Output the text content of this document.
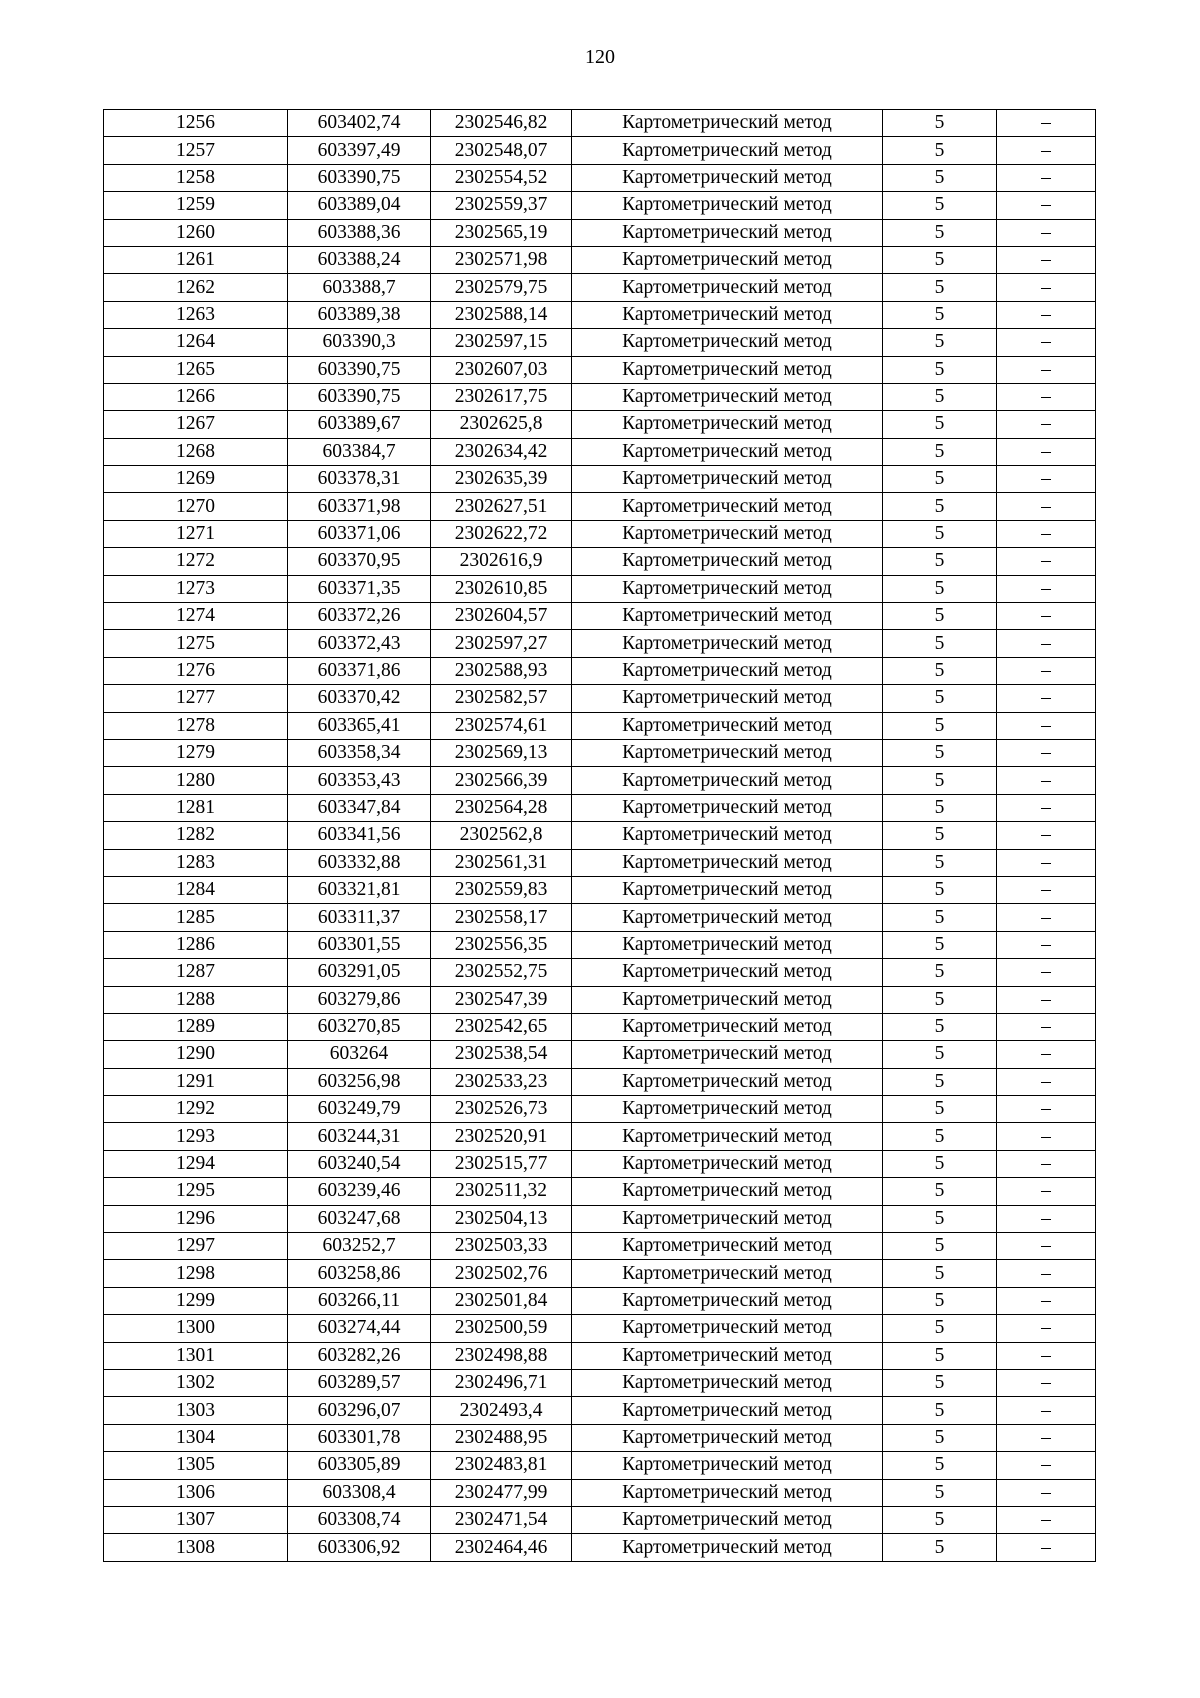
120
1256	603402,74	2302546,82	Картометрический метод	5	–
1257	603397,49	2302548,07	Картометрический метод	5	–
1258	603390,75	2302554,52	Картометрический метод	5	–
1259	603389,04	2302559,37	Картометрический метод	5	–
1260	603388,36	2302565,19	Картометрический метод	5	–
1261	603388,24	2302571,98	Картометрический метод	5	–
1262	603388,7	2302579,75	Картометрический метод	5	–
1263	603389,38	2302588,14	Картометрический метод	5	–
1264	603390,3	2302597,15	Картометрический метод	5	–
1265	603390,75	2302607,03	Картометрический метод	5	–
1266	603390,75	2302617,75	Картометрический метод	5	–
1267	603389,67	2302625,8	Картометрический метод	5	–
1268	603384,7	2302634,42	Картометрический метод	5	–
1269	603378,31	2302635,39	Картометрический метод	5	–
1270	603371,98	2302627,51	Картометрический метод	5	–
1271	603371,06	2302622,72	Картометрический метод	5	–
1272	603370,95	2302616,9	Картометрический метод	5	–
1273	603371,35	2302610,85	Картометрический метод	5	–
1274	603372,26	2302604,57	Картометрический метод	5	–
1275	603372,43	2302597,27	Картометрический метод	5	–
1276	603371,86	2302588,93	Картометрический метод	5	–
1277	603370,42	2302582,57	Картометрический метод	5	–
1278	603365,41	2302574,61	Картометрический метод	5	–
1279	603358,34	2302569,13	Картометрический метод	5	–
1280	603353,43	2302566,39	Картометрический метод	5	–
1281	603347,84	2302564,28	Картометрический метод	5	–
1282	603341,56	2302562,8	Картометрический метод	5	–
1283	603332,88	2302561,31	Картометрический метод	5	–
1284	603321,81	2302559,83	Картометрический метод	5	–
1285	603311,37	2302558,17	Картометрический метод	5	–
1286	603301,55	2302556,35	Картометрический метод	5	–
1287	603291,05	2302552,75	Картометрический метод	5	–
1288	603279,86	2302547,39	Картометрический метод	5	–
1289	603270,85	2302542,65	Картометрический метод	5	–
1290	603264	2302538,54	Картометрический метод	5	–
1291	603256,98	2302533,23	Картометрический метод	5	–
1292	603249,79	2302526,73	Картометрический метод	5	–
1293	603244,31	2302520,91	Картометрический метод	5	–
1294	603240,54	2302515,77	Картометрический метод	5	–
1295	603239,46	2302511,32	Картометрический метод	5	–
1296	603247,68	2302504,13	Картометрический метод	5	–
1297	603252,7	2302503,33	Картометрический метод	5	–
1298	603258,86	2302502,76	Картометрический метод	5	–
1299	603266,11	2302501,84	Картометрический метод	5	–
1300	603274,44	2302500,59	Картометрический метод	5	–
1301	603282,26	2302498,88	Картометрический метод	5	–
1302	603289,57	2302496,71	Картометрический метод	5	–
1303	603296,07	2302493,4	Картометрический метод	5	–
1304	603301,78	2302488,95	Картометрический метод	5	–
1305	603305,89	2302483,81	Картометрический метод	5	–
1306	603308,4	2302477,99	Картометрический метод	5	–
1307	603308,74	2302471,54	Картометрический метод	5	–
1308	603306,92	2302464,46	Картометрический метод	5	–
